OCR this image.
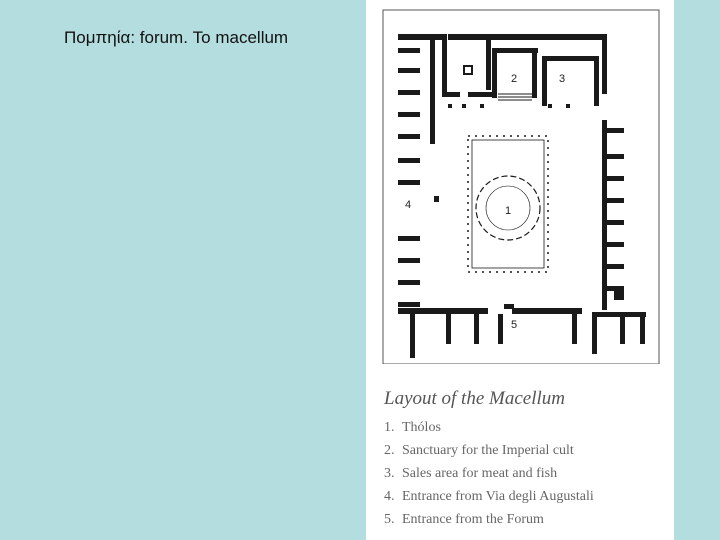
Πομπηία: forum. Το macellum
1
2	3
4
5
Layout of the Macellum
1. Thólos
2. Sanctuary for the Imperial cult
3. Sales area for meat and fish
4. Entrance from Via degli Augustali
5. Entrance from the Forum
